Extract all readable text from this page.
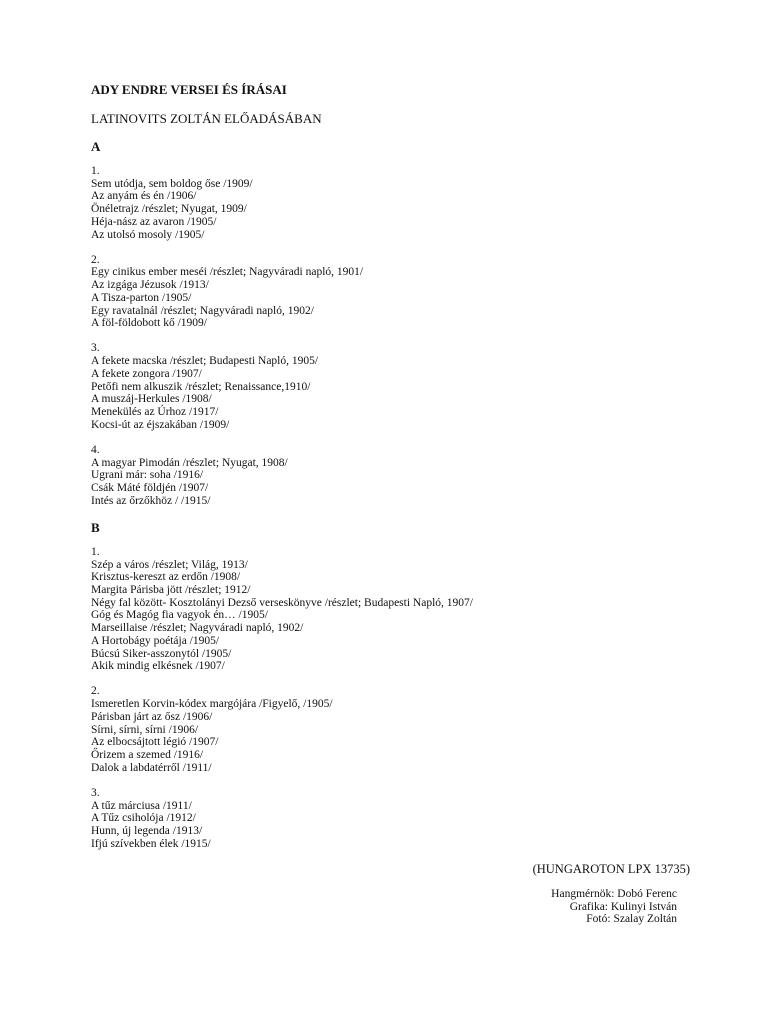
ADY ENDRE VERSEI ÉS ÍRÁSAI
LATINOVITS ZOLTÁN ELŐADÁSÁBAN
A
1.
Sem utódja, sem boldog őse /1909/
Az anyám és én /1906/
Önéletrajz /részlet; Nyugat, 1909/
Héja-nász az avaron /1905/
Az utolsó mosoly /1905/
2.
Egy cinikus ember meséi /részlet; Nagyváradi napló, 1901/
Az izgága Jézusok /1913/
A Tisza-parton /1905/
Egy ravatalnál /részlet; Nagyváradi napló, 1902/
A föl-földobott kő /1909/
3.
A fekete macska /részlet; Budapesti Napló, 1905/
A fekete zongora /1907/
Petőfi nem alkuszik /részlet; Renaissance,1910/
A muszáj-Herkules /1908/
Menekülés az Úrhoz /1917/
Kocsi-út az éjszakában /1909/
4.
A magyar Pimodán /részlet; Nyugat, 1908/
Ugrani már: soha /1916/
Csák Máté földjén /1907/
Intés az őrzőkhöz / /1915/
B
1.
Szép a város /részlet; Világ, 1913/
Krisztus-kereszt az erdőn /1908/
Margita Párisba jött /részlet; 1912/
Négy fal között- Kosztolányi Dezső verseskönyve /részlet; Budapesti Napló, 1907/
Góg és Magóg fia vagyok én… /1905/
Marseillaise /részlet; Nagyváradi napló, 1902/
A Hortobágy poétája /1905/
Búcsú Siker-asszonytól /1905/
Akik mindig elkésnek /1907/
2.
Ismeretlen Korvin-kódex margójára /Figyelő, /1905/
Párisban járt az ősz /1906/
Sírni, sírni, sírni /1906/
Az elbocsájtott légió /1907/
Őrizem a szemed /1916/
Dalok a labdatérről /1911/
3.
A tűz márciusa /1911/
A Tűz csiholója /1912/
Hunn, új legenda /1913/
Ifjú szívekben élek /1915/
(HUNGAROTON LPX 13735)
Hangmérnök: Dobó Ferenc
Grafika: Kulinyi István
Fotó: Szalay Zoltán
